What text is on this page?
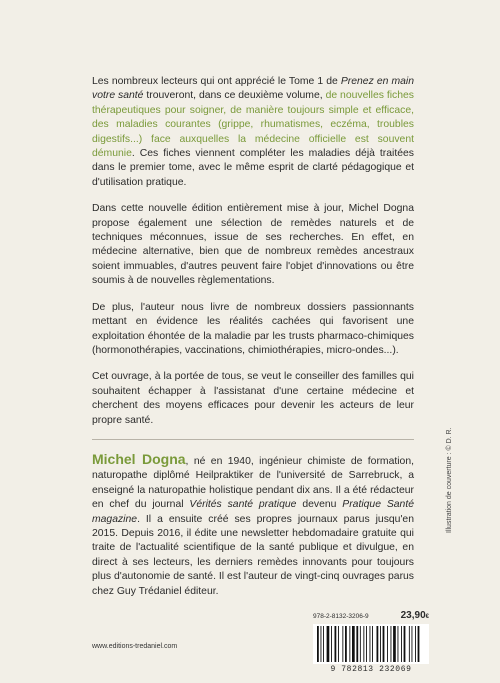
Les nombreux lecteurs qui ont apprécié le Tome 1 de Prenez en main votre santé trouveront, dans ce deuxième volume, de nouvelles fiches thérapeutiques pour soigner, de manière toujours simple et efficace, des maladies courantes (grippe, rhumatismes, eczéma, troubles digestifs...) face auxquelles la médecine officielle est souvent démunie. Ces fiches viennent compléter les maladies déjà traitées dans le premier tome, avec le même esprit de clarté pédagogique et d'utilisation pratique.

Dans cette nouvelle édition entièrement mise à jour, Michel Dogna propose également une sélection de remèdes naturels et de techniques méconnues, issue de ses recherches. En effet, en médecine alternative, bien que de nombreux remèdes ancestraux soient immuables, d'autres peuvent faire l'objet d'innovations ou être soumis à de nouvelles règlementations.

De plus, l'auteur nous livre de nombreux dossiers passionnants mettant en évidence les réalités cachées qui favorisent une exploitation éhontée de la maladie par les trusts pharmaco-chimiques (hormonothérapies, vaccinations, chimiothérapies, micro-ondes...).

Cet ouvrage, à la portée de tous, se veut le conseiller des familles qui souhaitent échapper à l'assistanat d'une certaine médecine et cherchent des moyens efficaces pour devenir les acteurs de leur propre santé.

Michel Dogna, né en 1940, ingénieur chimiste de formation, naturopathe diplômé Heilpraktiker de l'université de Sarrebruck, a enseigné la naturopathie holistique pendant dix ans. Il a été rédacteur en chef du journal Vérités santé pratique devenu Pratique Santé magazine. Il a ensuite créé ses propres journaux parus jusqu'en 2015. Depuis 2016, il édite une newsletter hebdomadaire gratuite qui traite de l'actualité scientifique de la santé publique et divulgue, en direct à ses lecteurs, les derniers remèdes innovants pour toujours plus d'autonomie de santé. Il est l'auteur de vingt-cinq ouvrages parus chez Guy Trédaniel éditeur.
Illustration de couverture : © D. R.
978-2-8132-3206-9	23,90€
9 782813 232069
www.editions-tredaniel.com
